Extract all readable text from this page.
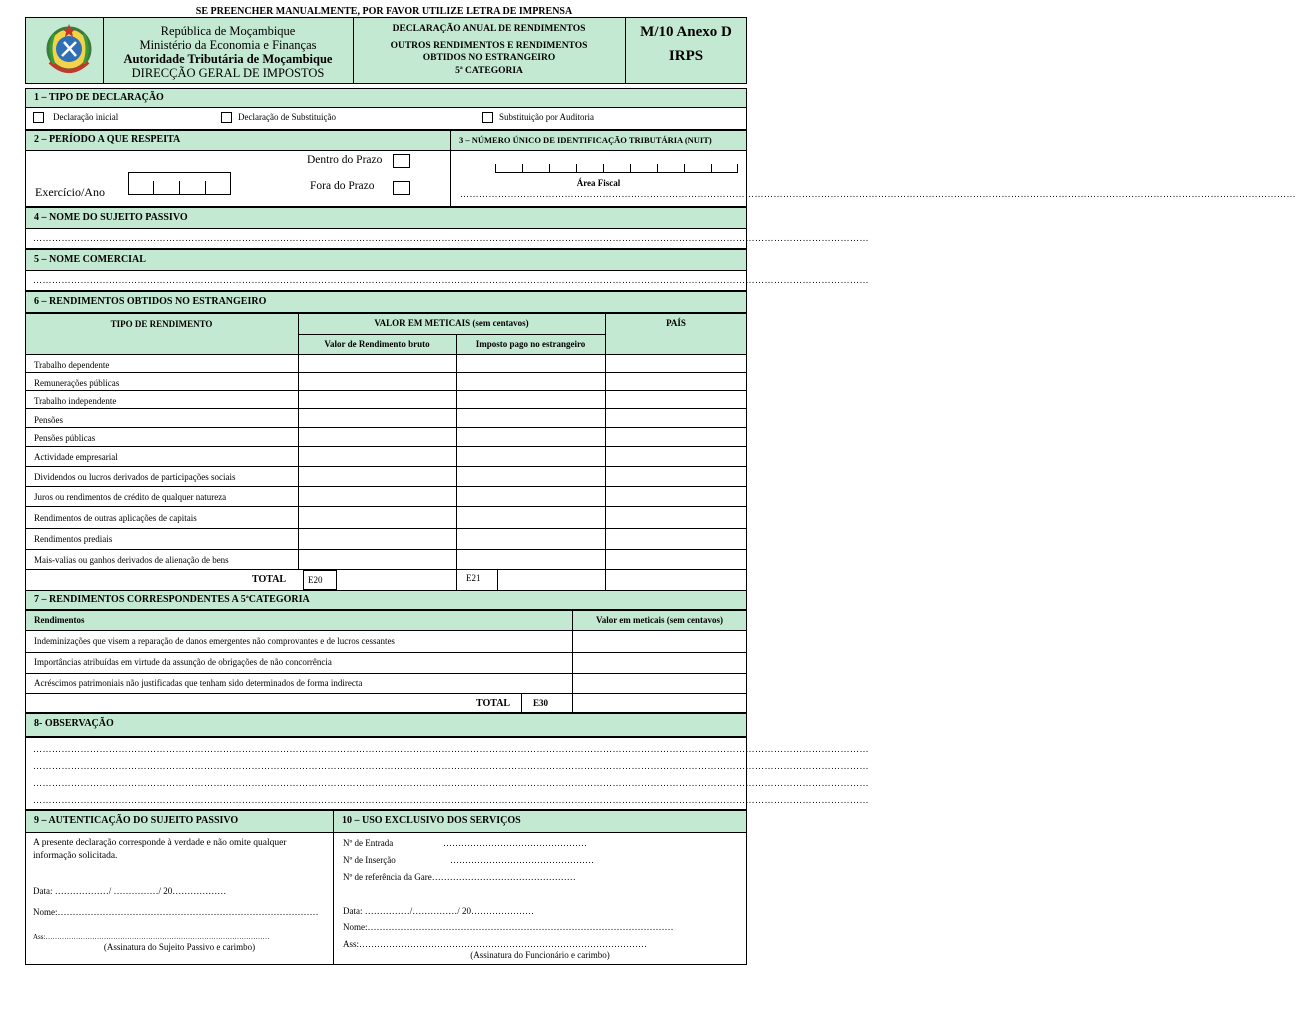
SE PREENCHER MANUALMENTE, POR FAVOR UTILIZE LETRA DE IMPRENSA
República de Moçambique
Ministério da Economia e Finanças
Autoridade Tributária de Moçambique
DIRECÇÃO GERAL DE IMPOSTOS
DECLARAÇÃO ANUAL DE RENDIMENTOS
OUTROS RENDIMENTOS E RENDIMENTOS
OBTIDOS NO ESTRANGEIRO
5ª CATEGORIA
M/10 Anexo D
IRPS
1 – TIPO DE DECLARAÇÃO
Declaração inicial	Declaração de Substituição	Substituição por Auditoria
2 – PERÍODO A QUE RESPEITA	3 – NÚMERO ÚNICO DE IDENTIFICAÇÃO TRIBUTÁRIA (NUIT)
Exercício/Ano
Dentro do Prazo
Fora do Prazo	Área Fiscal
…………………………………………………………………………………………………………………………………………………………………………………………………………………………………………
4 – NOME DO SUJEITO PASSIVO
…………………………………………………………………………………………………………………………………………………………………………………………………………………………………………
5 – NOME COMERCIAL
…………………………………………………………………………………………………………………………………………………………………………………………………………………………………………
6 – RENDIMENTOS OBTIDOS NO ESTRANGEIRO
TIPO DE RENDIMENTO	VALOR EM METICAIS (sem centavos)
Valor de Rendimento bruto	Imposto pago no estrangeiro
PAÍS
Trabalho dependente
Remunerações públicas
Trabalho independente
Pensões
Pensões públicas
Actividade empresarial
Dividendos ou lucros derivados de participações sociais
Juros ou rendimentos de crédito de qualquer natureza
Rendimentos de outras aplicações de capitais
Rendimentos prediais
Mais-valias ou ganhos derivados de alienação de bens
TOTAL E20	E21
7 – RENDIMENTOS CORRESPONDENTES A 5ªCATEGORIA
Rendimentos	Valor em meticais (sem centavos)
Indeminizações que visem a reparação de danos emergentes não comprovantes e de lucros cessantes
Importâncias atribuídas em virtude da assunção de obrigações de não concorrência
Acréscimos patrimoniais não justificadas que tenham sido determinados de forma indirecta
TOTAL	E30
8- OBSERVAÇÃO
…………………………………………………………………………………………………………………………………………………………………………………………………………………………………………
…………………………………………………………………………………………………………………………………………………………………………………………………………………………………………
…………………………………………………………………………………………………………………………………………………………………………………………………………………………………………
…………………………………………………………………………………………………………………………………………………………………………………………………………………………………………
9 – AUTENTICAÇÃO DO SUJEITO PASSIVO	10 – USO EXCLUSIVO DOS SERVIÇOS
A presente declaração corresponde à verdade e não omite qualquer
informação solicitada.
Data: ………………/ ……………/ 20………………
Nome:……………………………………………………………………………
Ass:……………………………………………………………………………………
(Assinatura do Sujeito Passivo e carimbo)
Nº de Entrada	…………………………………………
Nº de Inserção	…………………………………………
Nº de referência da Gare…………………………………………
Data: ……………/……………/ 20…………………
Nome:…………………………………………………………………………………………
Ass:……………………………………………………………………………………
(Assinatura do Funcionário e carimbo)
